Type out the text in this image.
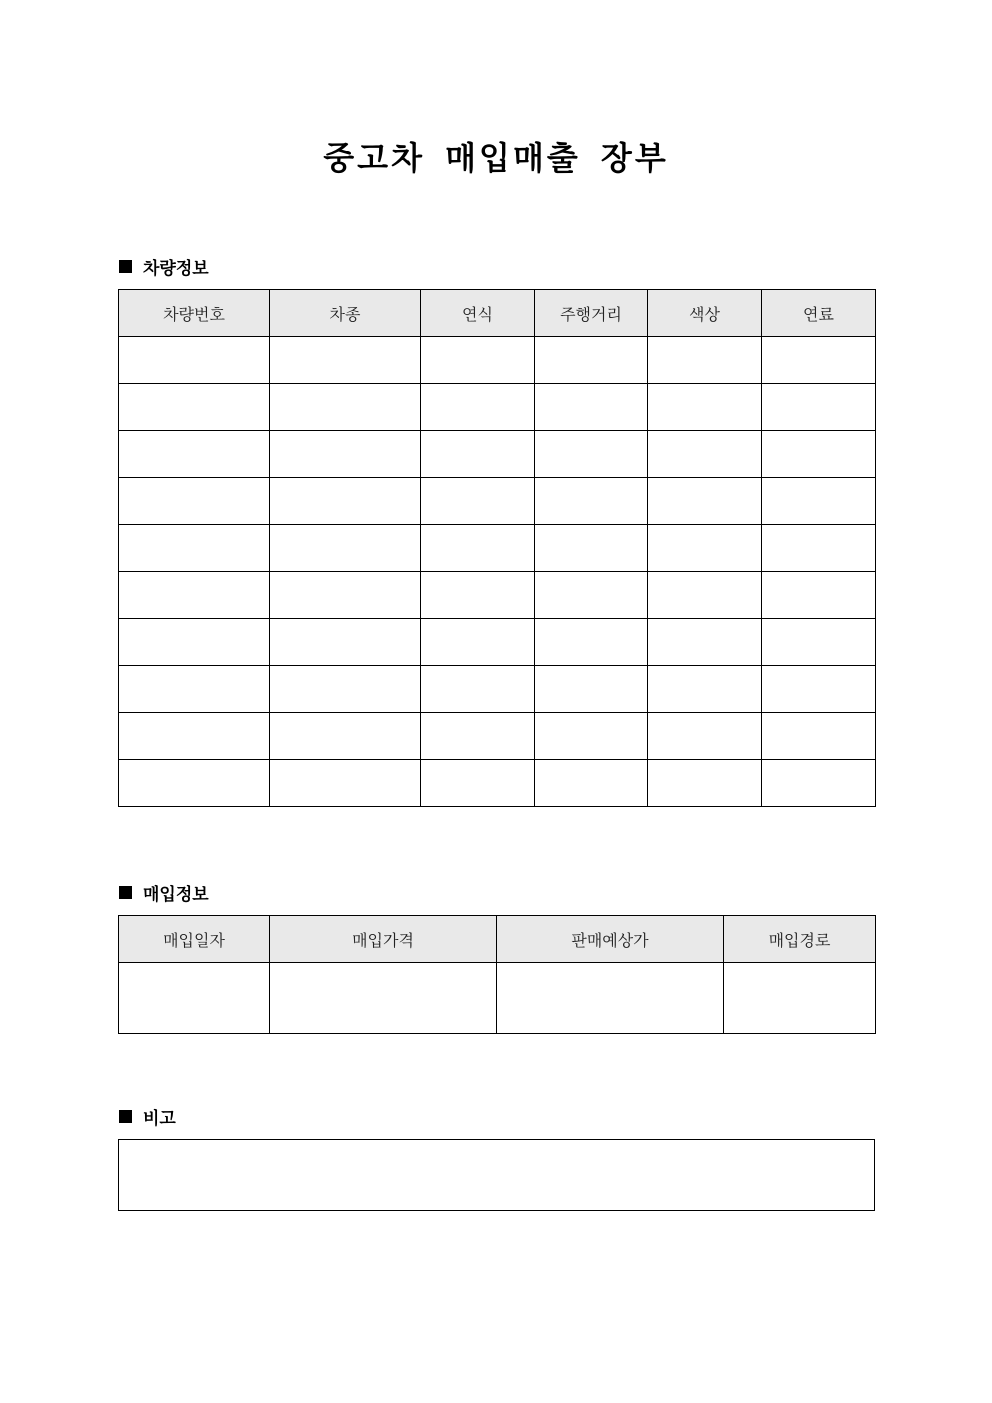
중고차 매입매출 장부
차량정보
차량번호	차종	연식	주행거리	색상	연료

매입정보
매입일자	매입가격	판매예상가	매입경로

비고
